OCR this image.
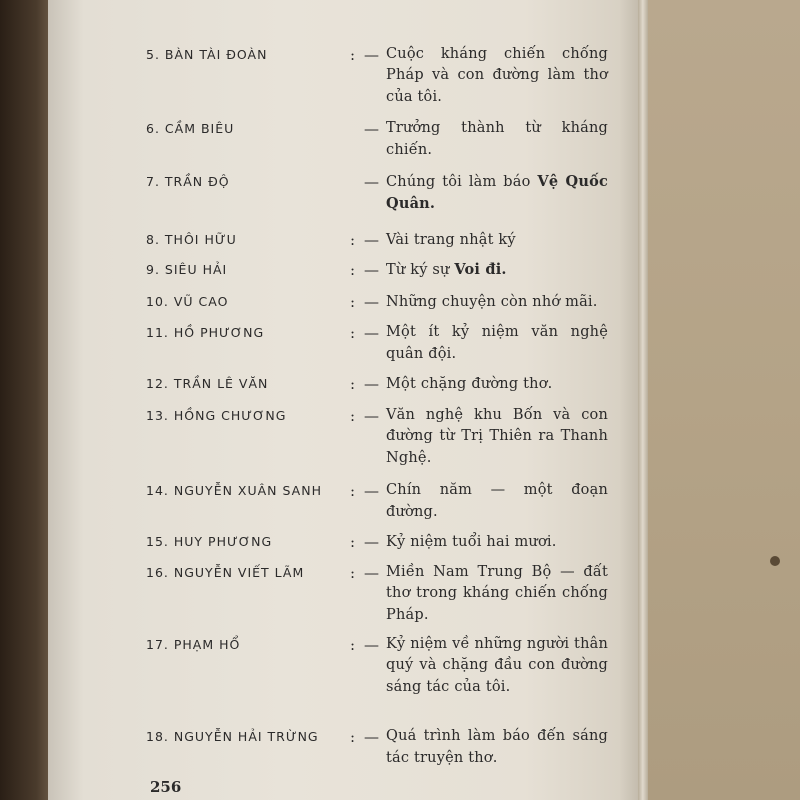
5. BÀN TÀI ĐOÀN	: — Cuộc kháng chiến chống Pháp và con đường làm thơ của tôi.
6. CẦM BIÊU	— Trưởng thành từ kháng chiến.
7. TRẦN ĐỘ	— Chúng tôi làm báo Vệ Quốc Quân.
8. THÔI HỮU	: — Vài trang nhật ký
9. SIÊU HẢI	: — Từ ký sự Voi đi.
10. VŨ CAO	: — Những chuyện còn nhớ mãi.
11. HỒ PHƯƠNG	: — Một ít kỷ niệm văn nghệ quân đội.
12. TRẦN LÊ VĂN	: — Một chặng đường thơ.
13. HỒNG CHƯƠNG	: — Văn nghệ khu Bốn và con đường từ Trị Thiên ra Thanh Nghệ.
14. NGUYỄN XUÂN SANH	: — Chín năm — một đoạn đường.
15. HUY PHƯƠNG	: — Kỷ niệm tuổi hai mươi.
16. NGUYỄN VIẾT LÃM	: — Miền Nam Trung Bộ — đất thơ trong kháng chiến chống Pháp.
17. PHẠM HỔ	: — Kỷ niệm về những người thân quý và chặng đầu con đường sáng tác của tôi.
18. NGUYỄN HẢI TRỪNG	: — Quá trình làm báo đến sáng tác truyện thơ.
256
